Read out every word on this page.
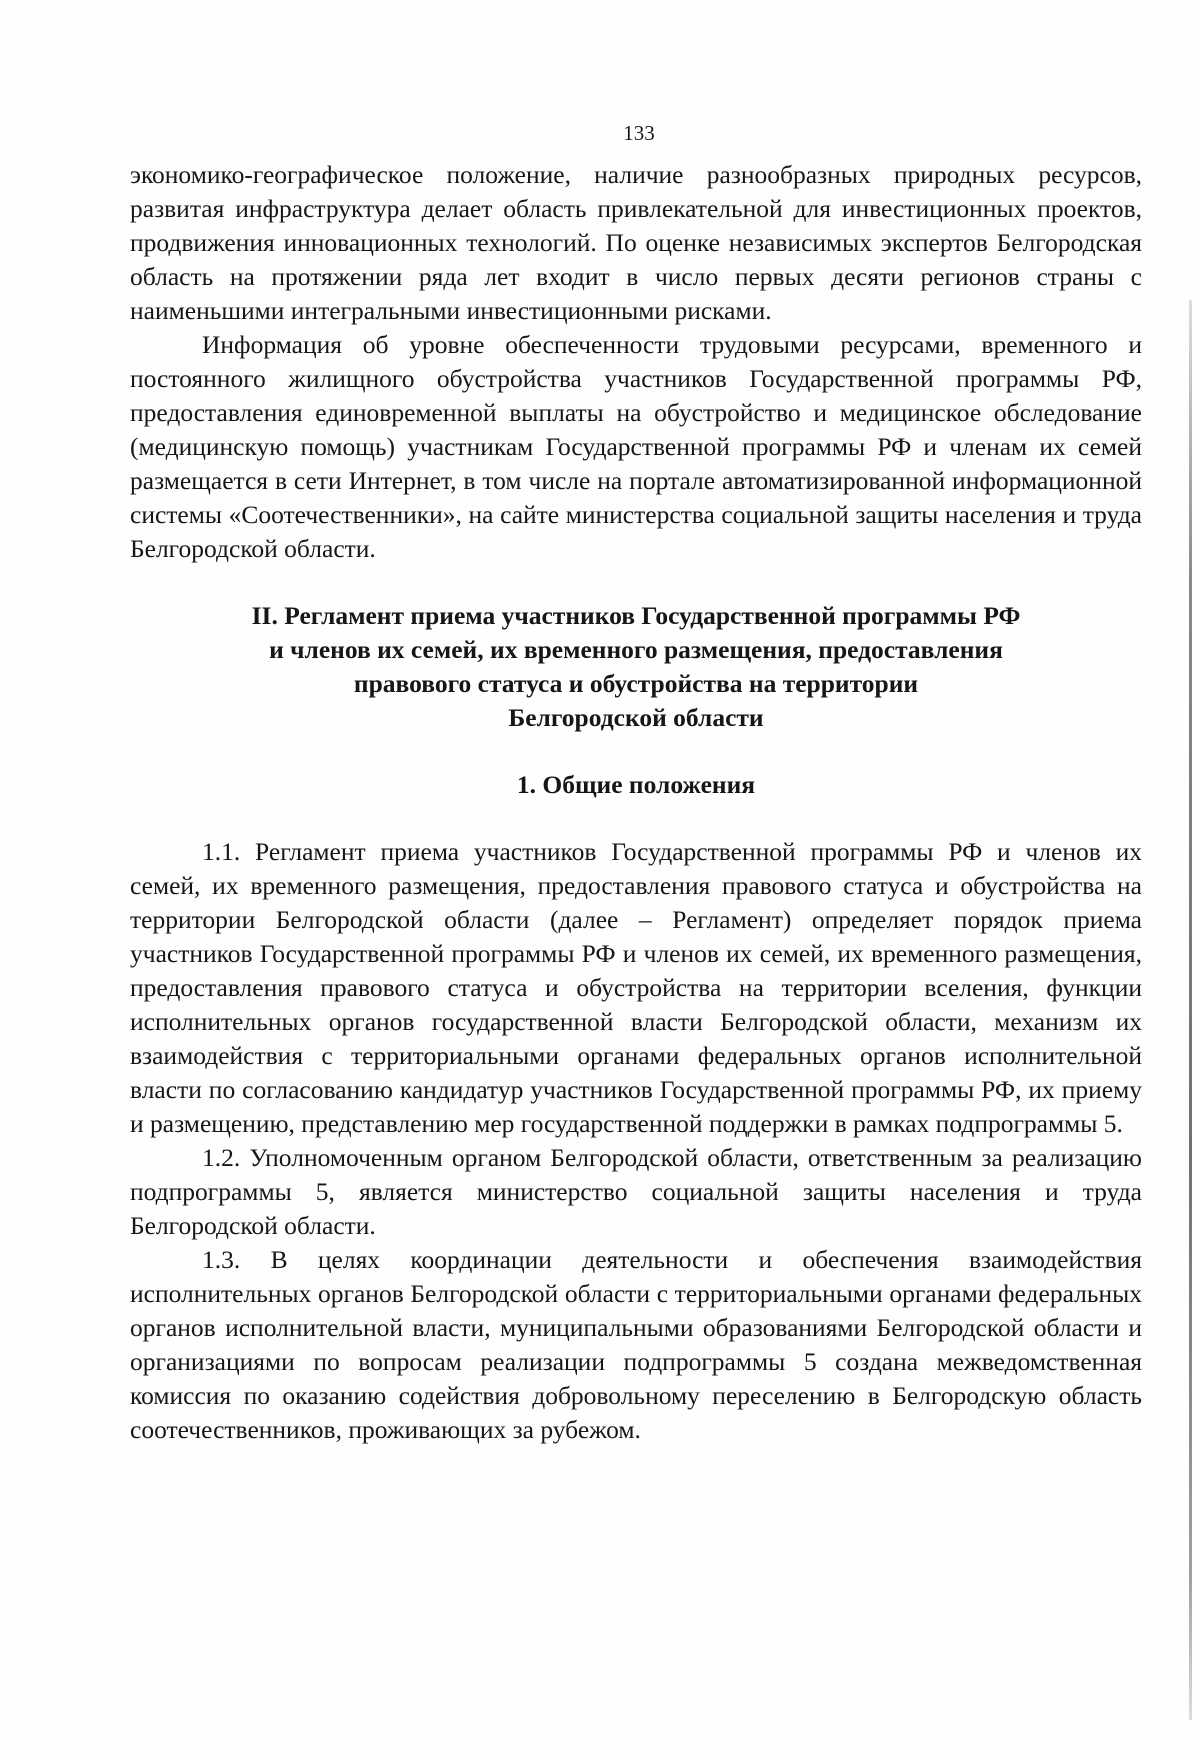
133

экономико-географическое положение, наличие разнообразных природных ресурсов, развитая инфраструктура делает область привлекательной для инвестиционных проектов, продвижения инновационных технологий. По оценке независимых экспертов Белгородская область на протяжении ряда лет входит в число первых десяти регионов страны с наименьшими интегральными инвестиционными рисками.

Информация об уровне обеспеченности трудовыми ресурсами, временного и постоянного жилищного обустройства участников Государственной программы РФ, предоставления единовременной выплаты на обустройство и медицинское обследование (медицинскую помощь) участникам Государственной программы РФ и членам их семей размещается в сети Интернет, в том числе на портале автоматизированной информационной системы «Соотечественники», на сайте министерства социальной защиты населения и труда Белгородской области.

II. Регламент приема участников Государственной программы РФ
и членов их семей, их временного размещения, предоставления
правового статуса и обустройства на территории
Белгородской области
1. Общие положения

1.1. Регламент приема участников Государственной программы РФ и членов их семей, их временного размещения, предоставления правового статуса и обустройства на территории Белгородской области (далее – Регламент) определяет порядок приема участников Государственной программы РФ и членов их семей, их временного размещения, предоставления правового статуса и обустройства на территории вселения, функции исполнительных органов государственной власти Белгородской области, механизм их взаимодействия с территориальными органами федеральных органов исполнительной власти по согласованию кандидатур участников Государственной программы РФ, их приему и размещению, представлению мер государственной поддержки в рамках подпрограммы 5.

1.2. Уполномоченным органом Белгородской области, ответственным за реализацию подпрограммы 5, является министерство социальной защиты населения и труда Белгородской области.

1.3. В целях координации деятельности и обеспечения взаимодействия исполнительных органов Белгородской области с территориальными органами федеральных органов исполнительной власти, муниципальными образованиями Белгородской области и организациями по вопросам реализации подпрограммы 5 создана межведомственная комиссия по оказанию содействия добровольному переселению в Белгородскую область соотечественников, проживающих за рубежом.
